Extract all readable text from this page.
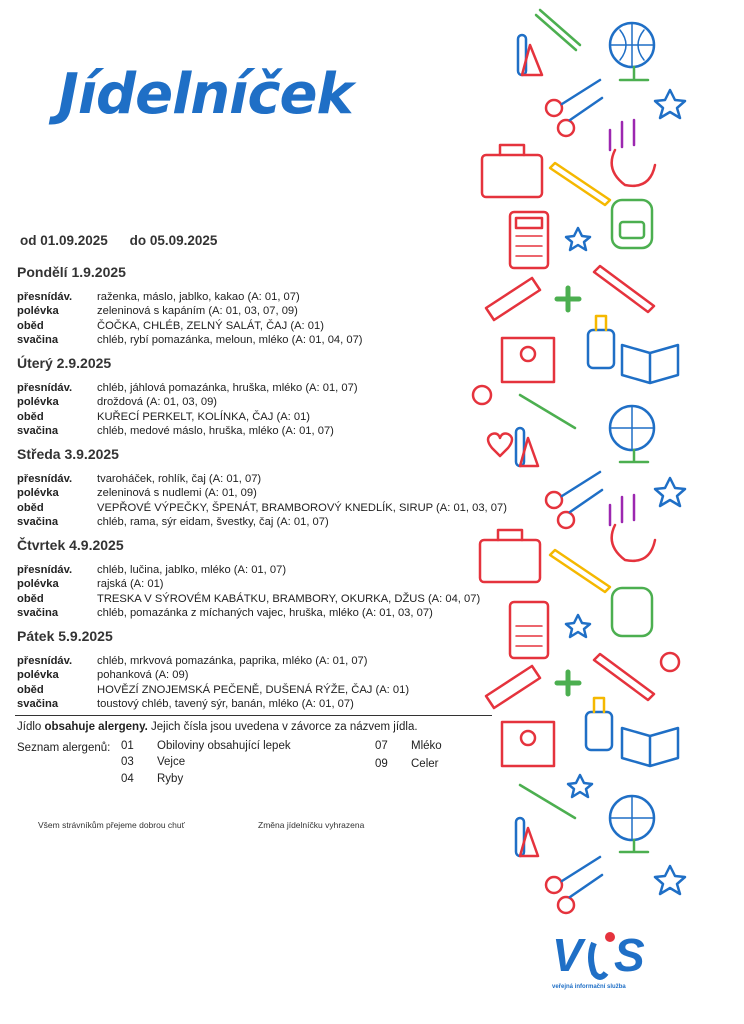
Jídelníček
od 01.09.2025 do 05.09.2025
Pondělí 1.9.2025
přesnídáv.	raženka, máslo, jablko, kakao (A: 01, 07)
polévka	zeleninová s kapáním (A: 01, 03, 07, 09)
oběd	ČOČKA, CHLÉB, ZELNÝ SALÁT, ČAJ (A: 01)
svačina	chléb, rybí pomazánka, meloun, mléko (A: 01, 04, 07)
Úterý 2.9.2025
přesnídáv.	chléb, jáhlová pomazánka, hruška, mléko (A: 01, 07)
polévka	droždová (A: 01, 03, 09)
oběd	KUŘECÍ PERKELT, KOLÍNKA, ČAJ (A: 01)
svačina	chléb, medové máslo, hruška, mléko (A: 01, 07)
Středa 3.9.2025
přesnídáv.	tvaroháček, rohlík, čaj (A: 01, 07)
polévka	zeleninová s nudlemi (A: 01, 09)
oběd	VEPŘOVÉ VÝPEČKY, ŠPENÁT, BRAMBOROVÝ KNEDLÍK, SIRUP (A: 01, 03, 07)
svačina	chléb, rama, sýr eidam, švestky, čaj (A: 01, 07)
Čtvrtek 4.9.2025
přesnídáv.	chléb, lučina, jablko, mléko (A: 01, 07)
polévka	rajská (A: 01)
oběd	TRESKA V SÝROVÉM KABÁTKU, BRAMBORY, OKURKA, DŽUS (A: 04, 07)
svačina	chléb, pomazánka z míchaných vajec, hruška, mléko (A: 01, 03, 07)
Pátek 5.9.2025
přesnídáv.	chléb, mrkvová pomazánka, paprika, mléko (A: 01, 07)
polévka	pohanková (A: 09)
oběd	HOVĚZÍ ZNOJEMSKÁ PEČENĚ, DUŠENÁ RÝŽE, ČAJ (A: 01)
svačina	toustový chléb, tavený sýr, banán, mléko (A: 01, 07)
Jídlo obsahuje alergeny. Jejich čísla jsou uvedena v závorce za názvem jídla.
Seznam alergenů: 01 Obiloviny obsahující lepek
03 Vejce
04 Ryby
07 Mléko
09 Celer
Všem strávníkům přejeme dobrou chuť	Změna jídelníčku vyhrazena
V S
veřejná informační služba
